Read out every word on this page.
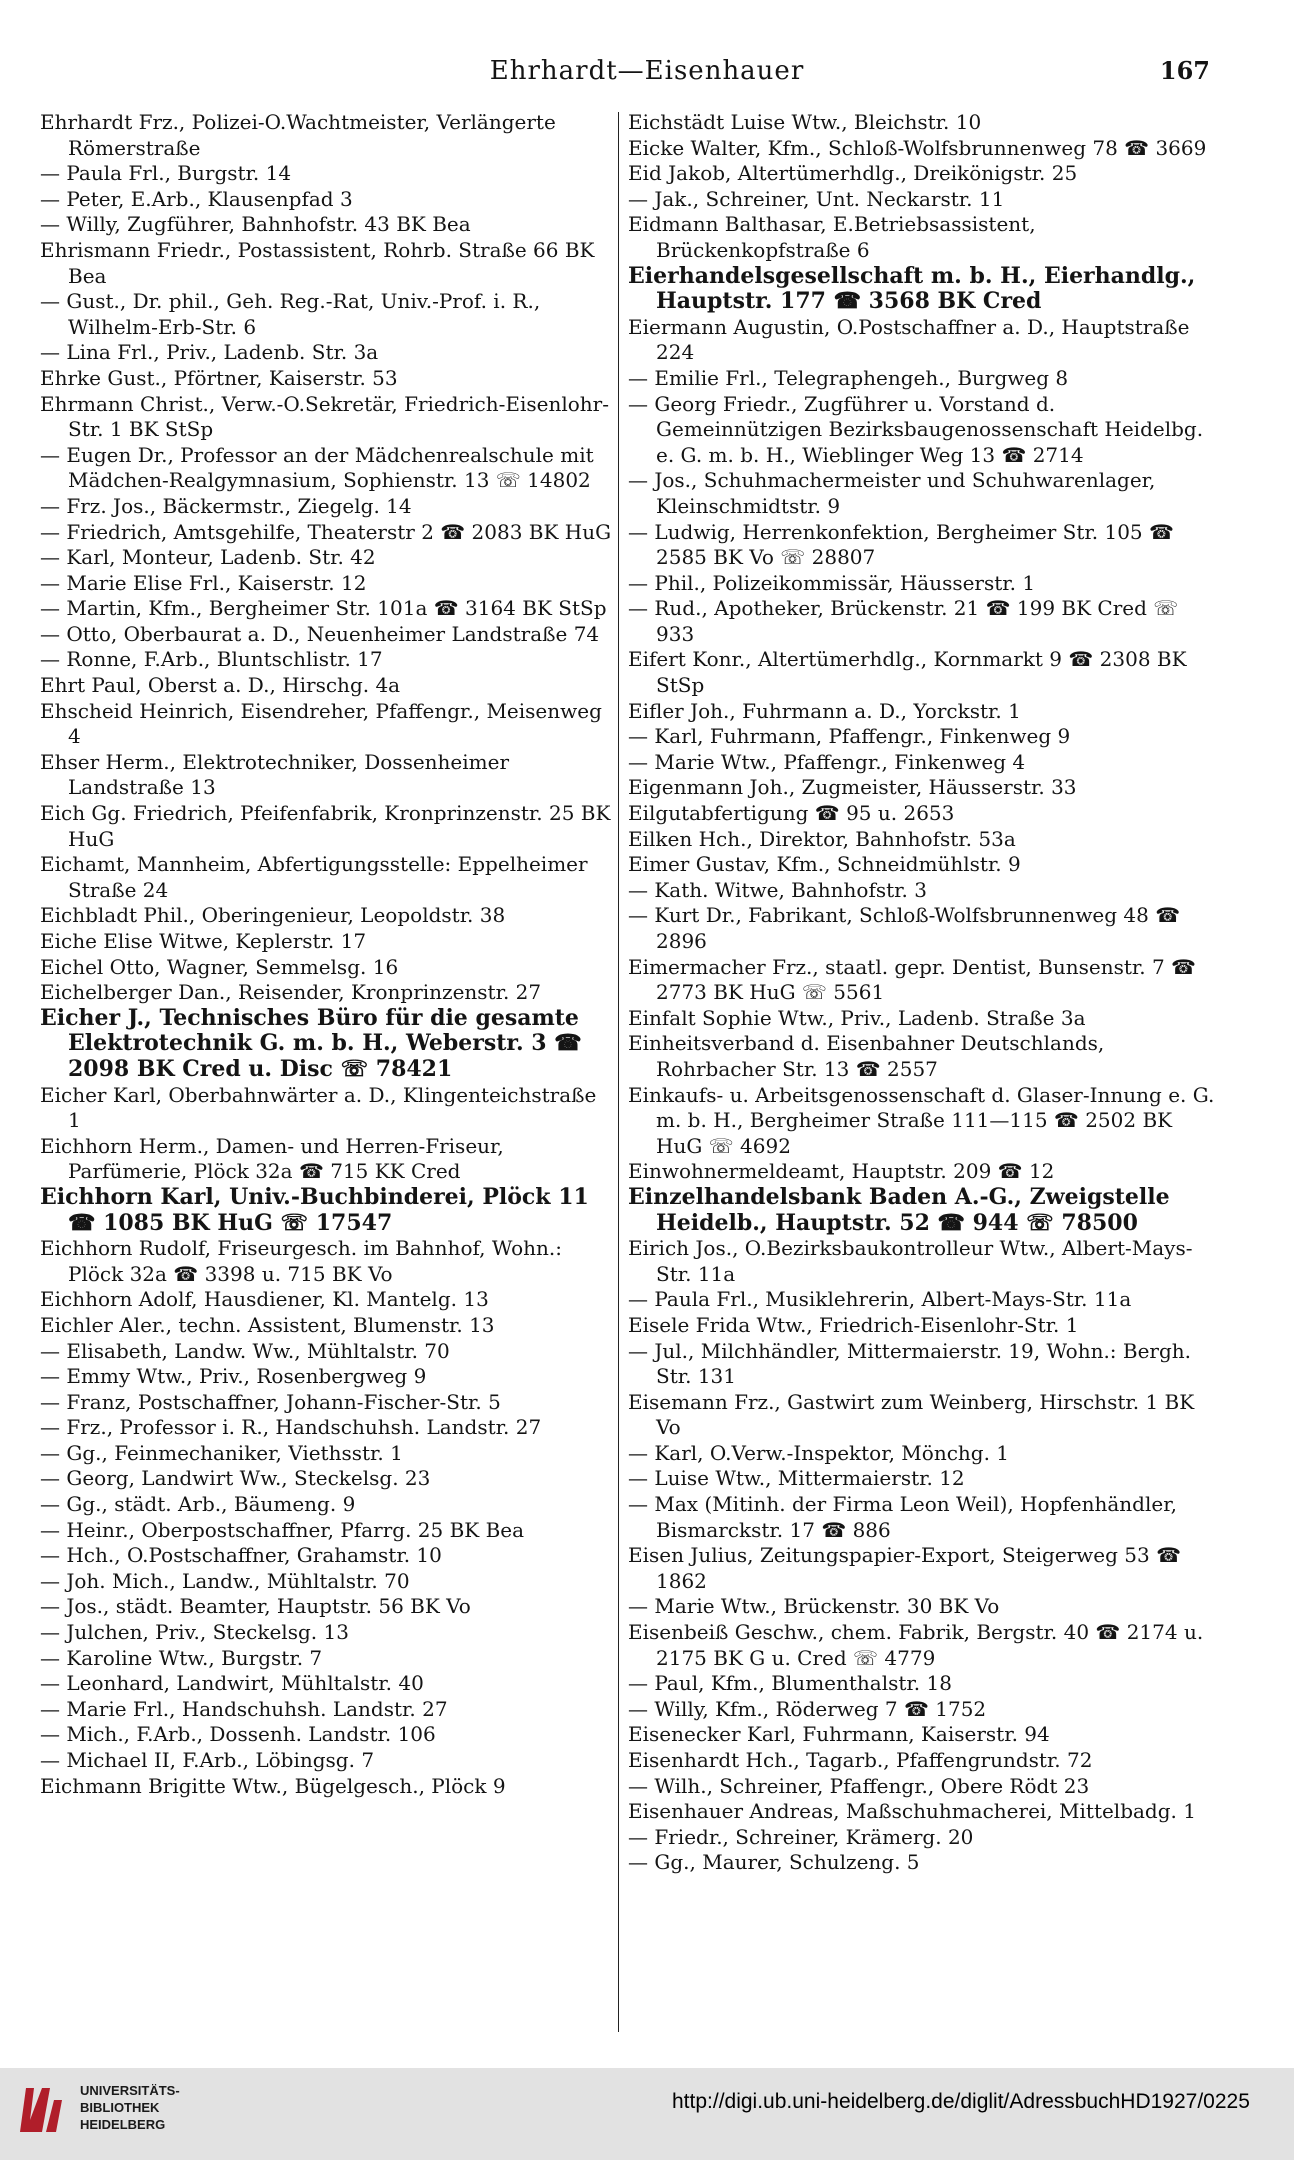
Ehrhardt—Eisenhauer	167

Ehrhardt Frz., Polizei-O.Wachtmeister, Verlängerte Römerstraße

— Paula Frl., Burgstr. 14

— Peter, E.Arb., Klausenpfad 3

— Willy, Zugführer, Bahnhofstr. 43 BK Bea

Ehrismann Friedr., Postassistent, Rohrb. Straße 66 BK Bea

— Gust., Dr. phil., Geh. Reg.-Rat, Univ.-Prof. i. R., Wilhelm-Erb-Str. 6

— Lina Frl., Priv., Ladenb. Str. 3a

Ehrke Gust., Pförtner, Kaiserstr. 53

Ehrmann Christ., Verw.-O.Sekretär, Friedrich-Eisenlohr-Str. 1 BK StSp

— Eugen Dr., Professor an der Mädchenrealschule mit Mädchen-Realgymnasium, Sophienstr. 13 ☏ 14802

— Frz. Jos., Bäckermstr., Ziegelg. 14

— Friedrich, Amtsgehilfe, Theaterstr 2 ☎ 2083 BK HuG

— Karl, Monteur, Ladenb. Str. 42

— Marie Elise Frl., Kaiserstr. 12

— Martin, Kfm., Bergheimer Str. 101a ☎ 3164 BK StSp

— Otto, Oberbaurat a. D., Neuenheimer Landstraße 74

— Ronne, F.Arb., Bluntschlistr. 17

Ehrt Paul, Oberst a. D., Hirschg. 4a

Ehscheid Heinrich, Eisendreher, Pfaffengr., Meisenweg 4

Ehser Herm., Elektrotechniker, Dossenheimer Landstraße 13

Eich Gg. Friedrich, Pfeifenfabrik, Kronprinzenstr. 25 BK HuG

Eichamt, Mannheim, Abfertigungsstelle: Eppelheimer Straße 24

Eichbladt Phil., Oberingenieur, Leopoldstr. 38

Eiche Elise Witwe, Keplerstr. 17

Eichel Otto, Wagner, Semmelsg. 16

Eichelberger Dan., Reisender, Kronprinzenstr. 27

Eicher J., Technisches Büro für die gesamte Elektrotechnik G. m. b. H., Weberstr. 3 ☎ 2098 BK Cred u. Disc ☏ 78421

Eicher Karl, Oberbahnwärter a. D., Klingenteichstraße 1

Eichhorn Herm., Damen- und Herren-Friseur, Parfümerie, Plöck 32a ☎ 715 KK Cred

Eichhorn Karl, Univ.-Buchbinderei, Plöck 11 ☎ 1085 BK HuG ☏ 17547

Eichhorn Rudolf, Friseurgesch. im Bahnhof, Wohn.: Plöck 32a ☎ 3398 u. 715 BK Vo

Eichhorn Adolf, Hausdiener, Kl. Mantelg. 13

Eichler Aler., techn. Assistent, Blumenstr. 13

— Elisabeth, Landw. Ww., Mühltalstr. 70

— Emmy Wtw., Priv., Rosenbergweg 9

— Franz, Postschaffner, Johann-Fischer-Str. 5

— Frz., Professor i. R., Handschuhsh. Landstr. 27

— Gg., Feinmechaniker, Viethsstr. 1

— Georg, Landwirt Ww., Steckelsg. 23

— Gg., städt. Arb., Bäumeng. 9

— Heinr., Oberpostschaffner, Pfarrg. 25 BK Bea

— Hch., O.Postschaffner, Grahamstr. 10

— Joh. Mich., Landw., Mühltalstr. 70

— Jos., städt. Beamter, Hauptstr. 56 BK Vo

— Julchen, Priv., Steckelsg. 13

— Karoline Wtw., Burgstr. 7

— Leonhard, Landwirt, Mühltalstr. 40

— Marie Frl., Handschuhsh. Landstr. 27

— Mich., F.Arb., Dossenh. Landstr. 106

— Michael II, F.Arb., Löbingsg. 7

Eichmann Brigitte Wtw., Bügelgesch., Plöck 9

Eichstädt Luise Wtw., Bleichstr. 10

Eicke Walter, Kfm., Schloß-Wolfsbrunnenweg 78 ☎ 3669

Eid Jakob, Altertümerhdlg., Dreikönigstr. 25

— Jak., Schreiner, Unt. Neckarstr. 11

Eidmann Balthasar, E.Betriebsassistent, Brückenkopfstraße 6

Eierhandelsgesellschaft m. b. H., Eierhandlg., Hauptstr. 177 ☎ 3568 BK Cred

Eiermann Augustin, O.Postschaffner a. D., Hauptstraße 224

— Emilie Frl., Telegraphengeh., Burgweg 8

— Georg Friedr., Zugführer u. Vorstand d. Gemeinnützigen Bezirksbaugenossenschaft Heidelbg. e. G. m. b. H., Wieblinger Weg 13 ☎ 2714

— Jos., Schuhmachermeister und Schuhwarenlager, Kleinschmidtstr. 9

— Ludwig, Herrenkonfektion, Bergheimer Str. 105 ☎ 2585 BK Vo ☏ 28807

— Phil., Polizeikommissär, Häusserstr. 1

— Rud., Apotheker, Brückenstr. 21 ☎ 199 BK Cred ☏ 933

Eifert Konr., Altertümerhdlg., Kornmarkt 9 ☎ 2308 BK StSp

Eifler Joh., Fuhrmann a. D., Yorckstr. 1

— Karl, Fuhrmann, Pfaffengr., Finkenweg 9

— Marie Wtw., Pfaffengr., Finkenweg 4

Eigenmann Joh., Zugmeister, Häusserstr. 33

Eilgutabfertigung ☎ 95 u. 2653

Eilken Hch., Direktor, Bahnhofstr. 53a

Eimer Gustav, Kfm., Schneidmühlstr. 9

— Kath. Witwe, Bahnhofstr. 3

— Kurt Dr., Fabrikant, Schloß-Wolfsbrunnenweg 48 ☎ 2896

Eimermacher Frz., staatl. gepr. Dentist, Bunsenstr. 7 ☎ 2773 BK HuG ☏ 5561

Einfalt Sophie Wtw., Priv., Ladenb. Straße 3a

Einheitsverband d. Eisenbahner Deutschlands, Rohrbacher Str. 13 ☎ 2557

Einkaufs- u. Arbeitsgenossenschaft d. Glaser-Innung e. G. m. b. H., Bergheimer Straße 111—115 ☎ 2502 BK HuG ☏ 4692

Einwohnermeldeamt, Hauptstr. 209 ☎ 12

Einzelhandelsbank Baden A.-G., Zweigstelle Heidelb., Hauptstr. 52 ☎ 944 ☏ 78500

Eirich Jos., O.Bezirksbaukontrolleur Wtw., Albert-Mays-Str. 11a

— Paula Frl., Musiklehrerin, Albert-Mays-Str. 11a

Eisele Frida Wtw., Friedrich-Eisenlohr-Str. 1

— Jul., Milchhändler, Mittermaierstr. 19, Wohn.: Bergh. Str. 131

Eisemann Frz., Gastwirt zum Weinberg, Hirschstr. 1 BK Vo

— Karl, O.Verw.-Inspektor, Mönchg. 1

— Luise Wtw., Mittermaierstr. 12

— Max (Mitinh. der Firma Leon Weil), Hopfenhändler, Bismarckstr. 17 ☎ 886

Eisen Julius, Zeitungspapier-Export, Steigerweg 53 ☎ 1862

— Marie Wtw., Brückenstr. 30 BK Vo

Eisenbeiß Geschw., chem. Fabrik, Bergstr. 40 ☎ 2174 u. 2175 BK G u. Cred ☏ 4779

— Paul, Kfm., Blumenthalstr. 18

— Willy, Kfm., Röderweg 7 ☎ 1752

Eisenecker Karl, Fuhrmann, Kaiserstr. 94

Eisenhardt Hch., Tagarb., Pfaffengrundstr. 72

— Wilh., Schreiner, Pfaffengr., Obere Rödt 23

Eisenhauer Andreas, Maßschuhmacherei, Mittelbadg. 1

— Friedr., Schreiner, Krämerg. 20

— Gg., Maurer, Schulzeng. 5

UNIVERSITÄTS-
BIBLIOTHEK
HEIDELBERG
http://digi.ub.uni-heidelberg.de/diglit/AdressbuchHD1927/0225
